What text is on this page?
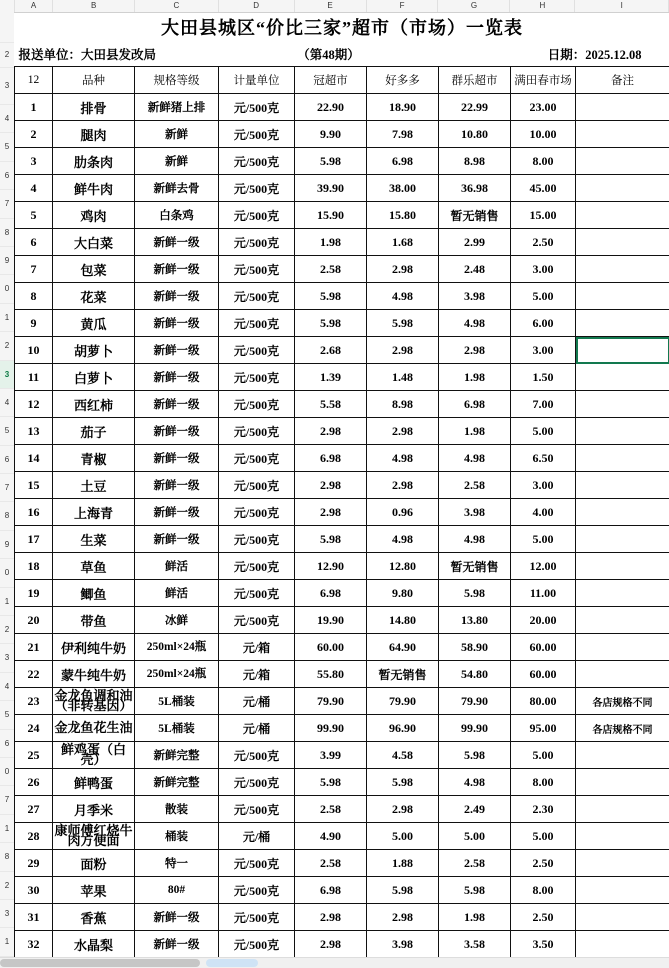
A	B	C	D	E	F	G	H	I
2
3
4
5
6
7
8
9
0
1
2
3
4
5
6
7
8
9
0
1
2
3
4
5
6
0
7
1
8
2
3
1
大田县城区“价比三家”超市（市场）一览表								
报送单位：大田县发改局			（第48期）			日期：2025.12.08		
12	品种	规格等级	计量单位	冠超市	好多多	群乐超市	满田春市场	备注
1	排骨	新鲜猪上排	元/500克	22.90	18.90	22.99	23.00	
2	腿肉	新鲜	元/500克	9.90	7.98	10.80	10.00	
3	肋条肉	新鲜	元/500克	5.98	6.98	8.98	8.00	
4	鲜牛肉	新鲜去骨	元/500克	39.90	38.00	36.98	45.00	
5	鸡肉	白条鸡	元/500克	15.90	15.80	暂无销售	15.00	
6	大白菜	新鲜一级	元/500克	1.98	1.68	2.99	2.50	
7	包菜	新鲜一级	元/500克	2.58	2.98	2.48	3.00	
8	花菜	新鲜一级	元/500克	5.98	4.98	3.98	5.00	
9	黄瓜	新鲜一级	元/500克	5.98	5.98	4.98	6.00	
10	胡萝卜	新鲜一级	元/500克	2.68	2.98	2.98	3.00	
11	白萝卜	新鲜一级	元/500克	1.39	1.48	1.98	1.50	
12	西红柿	新鲜一级	元/500克	5.58	8.98	6.98	7.00	
13	茄子	新鲜一级	元/500克	2.98	2.98	1.98	5.00	
14	青椒	新鲜一级	元/500克	6.98	4.98	4.98	6.50	
15	土豆	新鲜一级	元/500克	2.98	2.98	2.58	3.00	
16	上海青	新鲜一级	元/500克	2.98	0.96	3.98	4.00	
17	生菜	新鲜一级	元/500克	5.98	4.98	4.98	5.00	
18	草鱼	鲜活	元/500克	12.90	12.80	暂无销售	12.00	
19	鲫鱼	鲜活	元/500克	6.98	9.80	5.98	11.00	
20	带鱼	冰鲜	元/500克	19.90	14.80	13.80	20.00	
21	伊利纯牛奶	250ml×24瓶	元/箱	60.00	64.90	58.90	60.00	
22	蒙牛纯牛奶	250ml×24瓶	元/箱	55.80	暂无销售	54.80	60.00	
23	金龙鱼调和油（非转基因）	5L桶装	元/桶	79.90	79.90	79.90	80.00	各店规格不同
24	金龙鱼花生油	5L桶装	元/桶	99.90	96.90	99.90	95.00	各店规格不同
25	鲜鸡蛋（白壳）	新鲜完整	元/500克	3.99	4.58	5.98	5.00	
26	鲜鸭蛋	新鲜完整	元/500克	5.98	5.98	4.98	8.00	
27	月季米	散装	元/500克	2.58	2.98	2.49	2.30	
28	康师傅红烧牛肉方便面	桶装	元/桶	4.90	5.00	5.00	5.00	
29	面粉	特一	元/500克	2.58	1.88	2.58	2.50	
30	苹果	80#	元/500克	6.98	5.98	5.98	8.00	
31	香蕉	新鲜一级	元/500克	2.98	2.98	1.98	2.50	
32	水晶梨	新鲜一级	元/500克	2.98	3.98	3.58	3.50	
